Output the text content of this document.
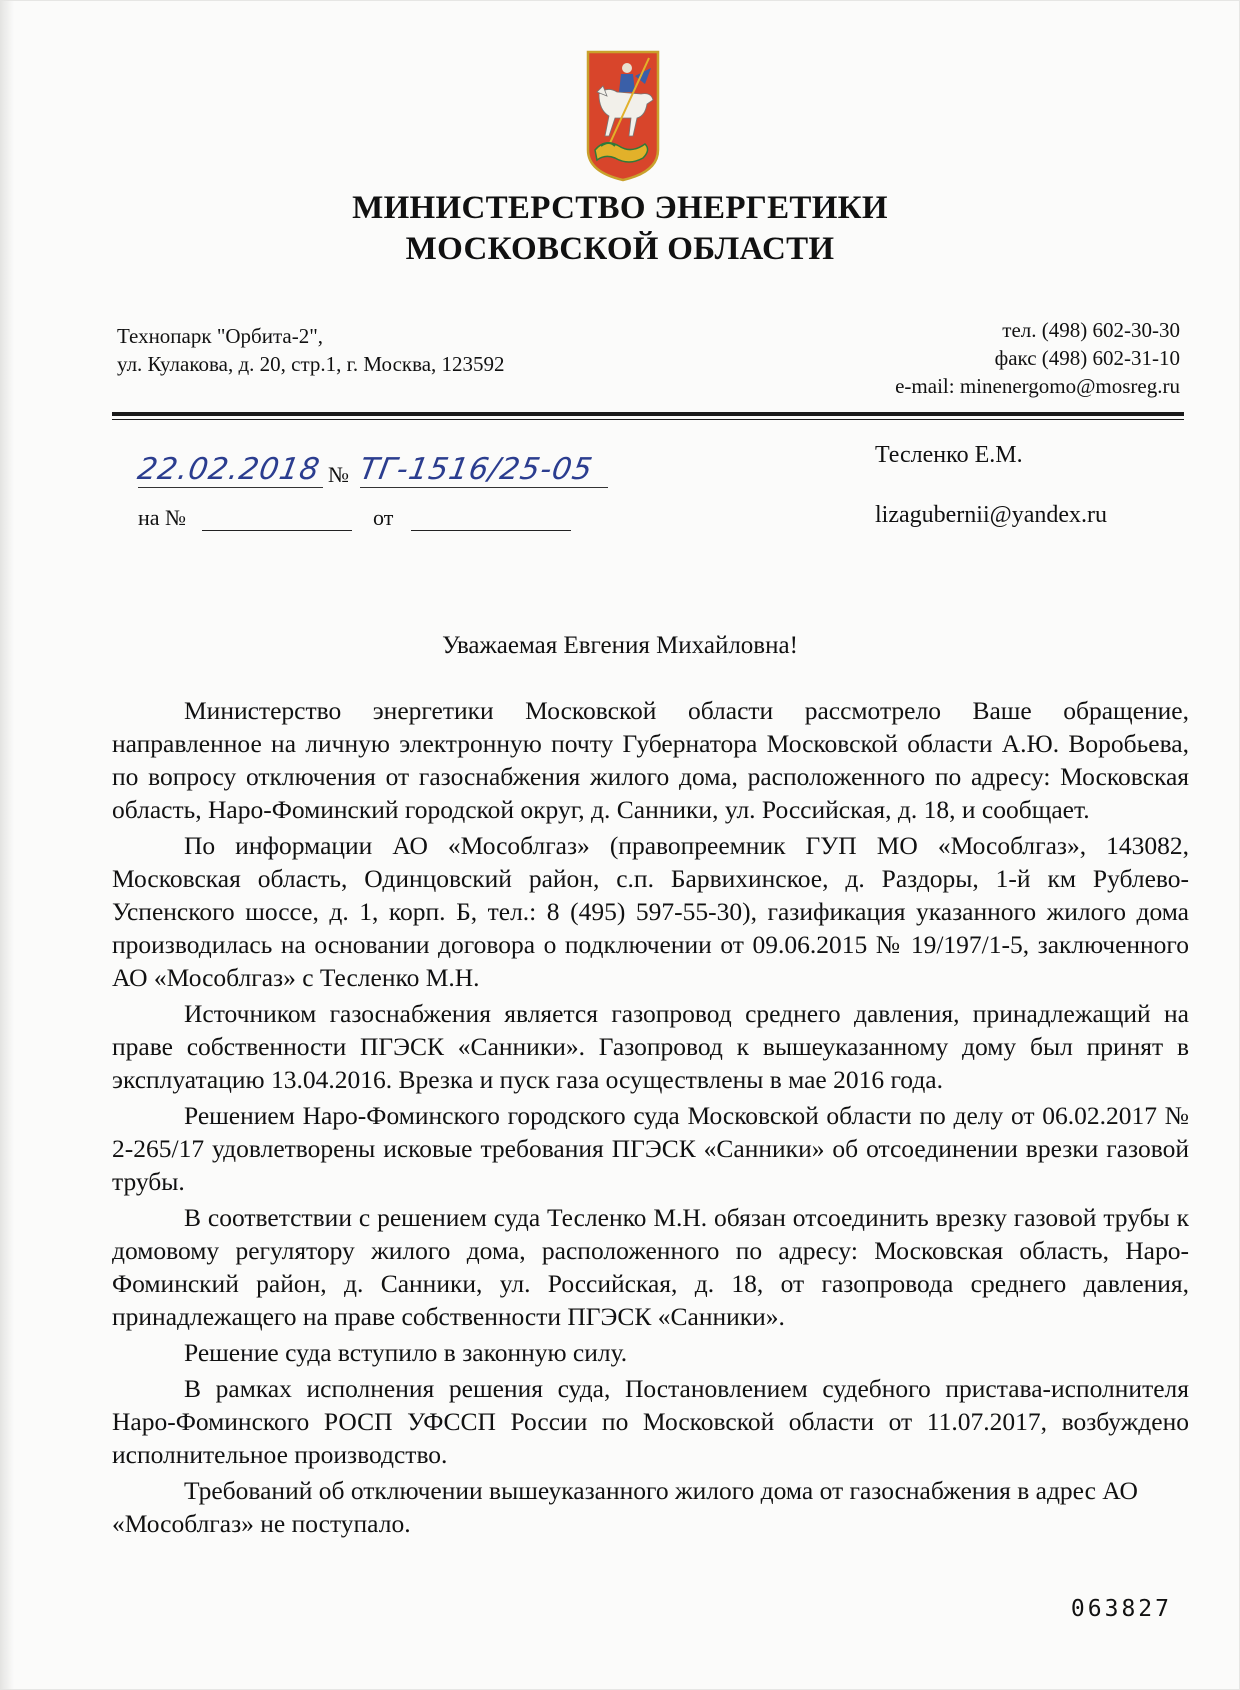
МИНИСТЕРСТВО ЭНЕРГЕТИКИ
МОСКОВСКОЙ ОБЛАСТИ
Технопарк "Орбита-2",
ул. Кулакова, д. 20, стр.1, г. Москва, 123592
тел. (498) 602-30-30
факс (498) 602-31-10
e-mail: minenergomo@mosreg.ru
22.02.2018 № ТГ-1516/25-05
на №	от
Тесленко Е.М.
lizagubernii@yandex.ru
Уважаемая Евгения Михайловна!

Министерство энергетики Московской области рассмотрело Ваше обращение, направленное на личную электронную почту Губернатора Московской области А.Ю. Воробьева, по вопросу отключения от газоснабжения жилого дома, расположенного по адресу: Московская область, Наро-Фоминский городской округ, д. Санники, ул. Российская, д. 18, и сообщает.

По информации АО «Мособлгаз» (правопреемник ГУП МО «Мособлгаз», 143082, Московская область, Одинцовский район, с.п. Барвихинское, д. Раздоры, 1-й км Рублево-Успенского шоссе, д. 1, корп. Б, тел.: 8 (495) 597-55-30), газификация указанного жилого дома производилась на основании договора о подключении от 09.06.2015 № 19/197/1-5, заключенного АО «Мособлгаз» с Тесленко М.Н.

Источником газоснабжения является газопровод среднего давления, принадлежащий на праве собственности ПГЭСК «Санники». Газопровод к вышеуказанному дому был принят в эксплуатацию 13.04.2016. Врезка и пуск газа осуществлены в мае 2016 года.

Решением Наро-Фоминского городского суда Московской области по делу от 06.02.2017 № 2-265/17 удовлетворены исковые требования ПГЭСК «Санники» об отсоединении врезки газовой трубы.

В соответствии с решением суда Тесленко М.Н. обязан отсоединить врезку газовой трубы к домовому регулятору жилого дома, расположенного по адресу: Московская область, Наро-Фоминский район, д. Санники, ул. Российская, д. 18, от газопровода среднего давления, принадлежащего на праве собственности ПГЭСК «Санники».

Решение суда вступило в законную силу.

В рамках исполнения решения суда, Постановлением судебного пристава-исполнителя Наро-Фоминского РОСП УФССП России по Московской области от 11.07.2017, возбуждено исполнительное производство.

Требований об отключении вышеуказанного жилого дома от газоснабжения в адрес АО «Мособлгаз» не поступало.

063827
